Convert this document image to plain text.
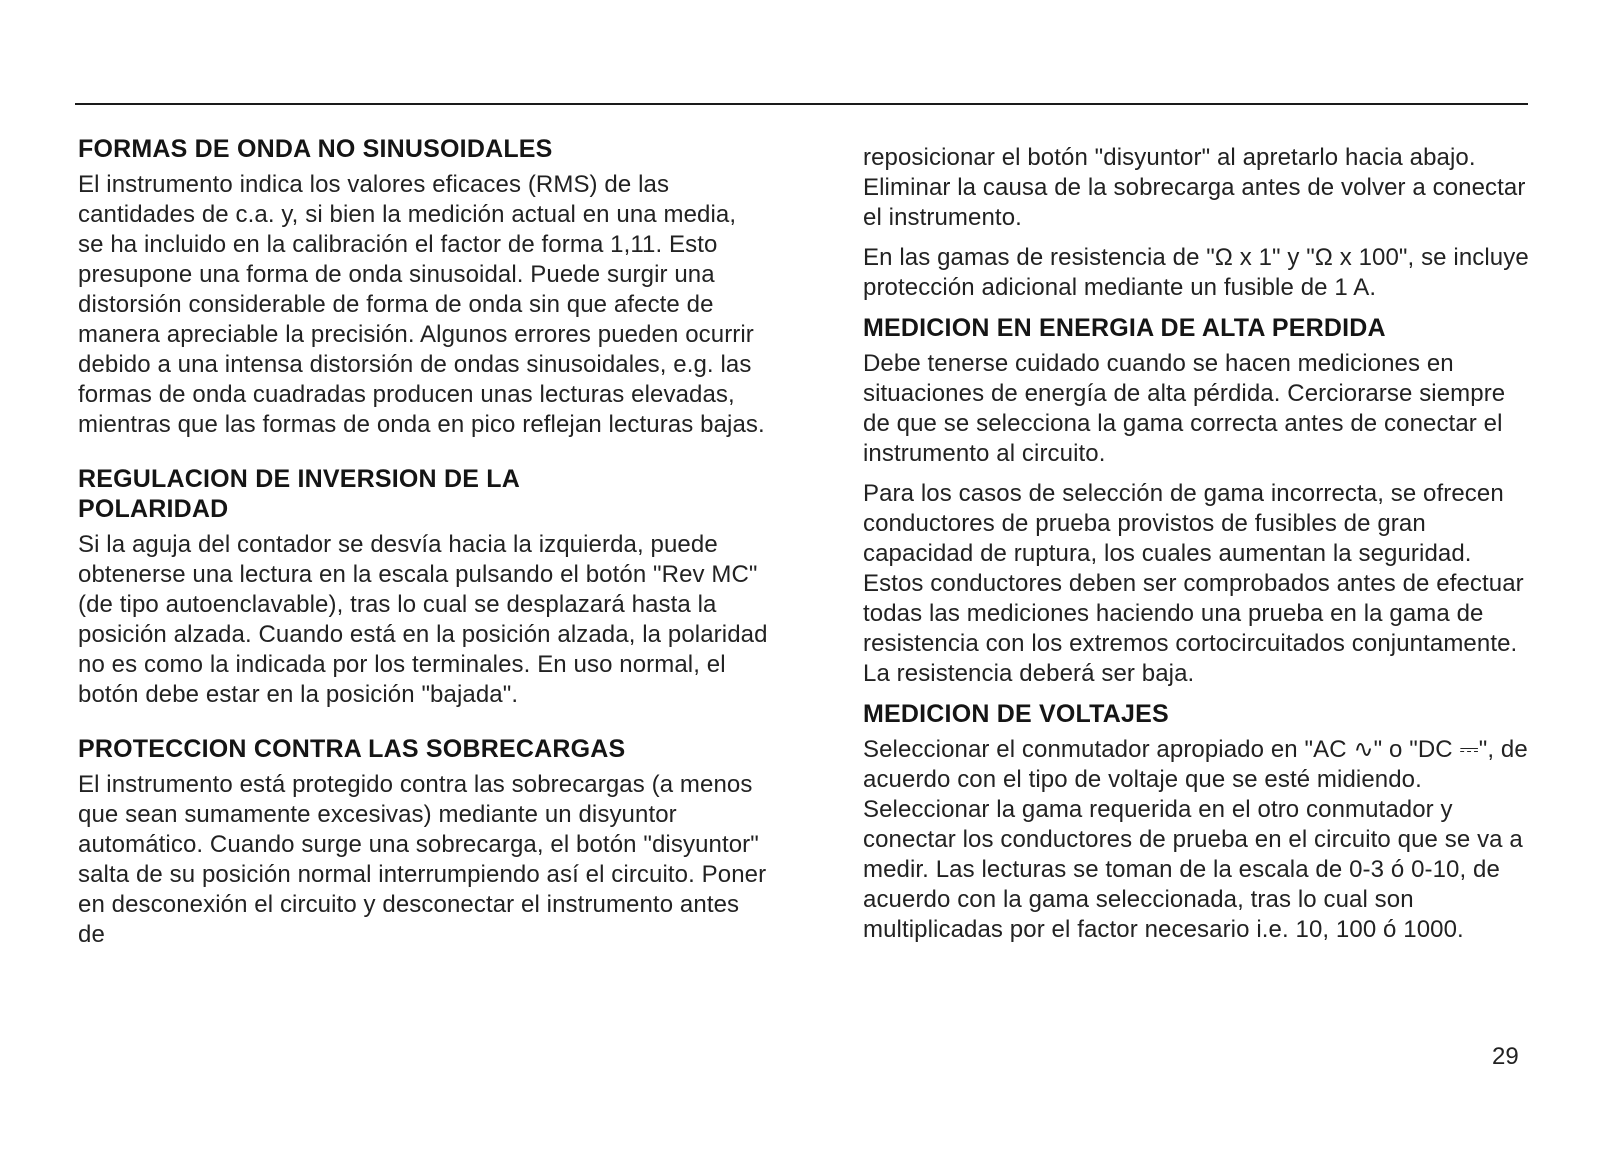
FORMAS DE ONDA NO SINUSOIDALES

El instrumento indica los valores eficaces (RMS) de las cantidades de c.a. y, si bien la medición actual en una media, se ha incluido en la calibración el factor de forma 1,11. Esto presupone una forma de onda sinusoidal. Puede surgir una distorsión considerable de forma de onda sin que afecte de manera apreciable la precisión. Algunos errores pueden ocurrir debido a una intensa distorsión de ondas sinusoidales, e.g. las formas de onda cuadradas producen unas lecturas elevadas, mientras que las formas de onda en pico reflejan lecturas bajas.

REGULACION DE INVERSION DE LA POLARIDAD

Si la aguja del contador se desvía hacia la izquierda, puede obtenerse una lectura en la escala pulsando el botón "Rev MC" (de tipo autoenclavable), tras lo cual se desplazará hasta la posición alzada. Cuando está en la posición alzada, la polaridad no es como la indicada por los terminales. En uso normal, el botón debe estar en la posición "bajada".

PROTECCION CONTRA LAS SOBRECARGAS

El instrumento está protegido contra las sobrecargas (a menos que sean sumamente excesivas) mediante un disyuntor automático. Cuando surge una sobrecarga, el botón "disyuntor" salta de su posición normal interrumpiendo así el circuito. Poner en desconexión el circuito y desconectar el instrumento antes de

reposicionar el botón "disyuntor" al apretarlo hacia abajo. Eliminar la causa de la sobrecarga antes de volver a conectar el instrumento.

En las gamas de resistencia de "Ω x 1" y "Ω x 100", se incluye protección adicional mediante un fusible de 1 A.

MEDICION EN ENERGIA DE ALTA PERDIDA

Debe tenerse cuidado cuando se hacen mediciones en situaciones de energía de alta pérdida. Cerciorarse siempre de que se selecciona la gama correcta antes de conectar el instrumento al circuito.

Para los casos de selección de gama incorrecta, se ofrecen conductores de prueba provistos de fusibles de gran capacidad de ruptura, los cuales aumentan la seguridad. Estos conductores deben ser comprobados antes de efectuar todas las mediciones haciendo una prueba en la gama de resistencia con los extremos cortocircuitados conjuntamente. La resistencia deberá ser baja.

MEDICION DE VOLTAJES

Seleccionar el conmutador apropiado en "AC ∿" o "DC ⎓", de acuerdo con el tipo de voltaje que se esté midiendo. Seleccionar la gama requerida en el otro conmutador y conectar los conductores de prueba en el circuito que se va a medir. Las lecturas se toman de la escala de 0-3 ó 0-10, de acuerdo con la gama seleccionada, tras lo cual son multiplicadas por el factor necesario i.e. 10, 100 ó 1000.

29
